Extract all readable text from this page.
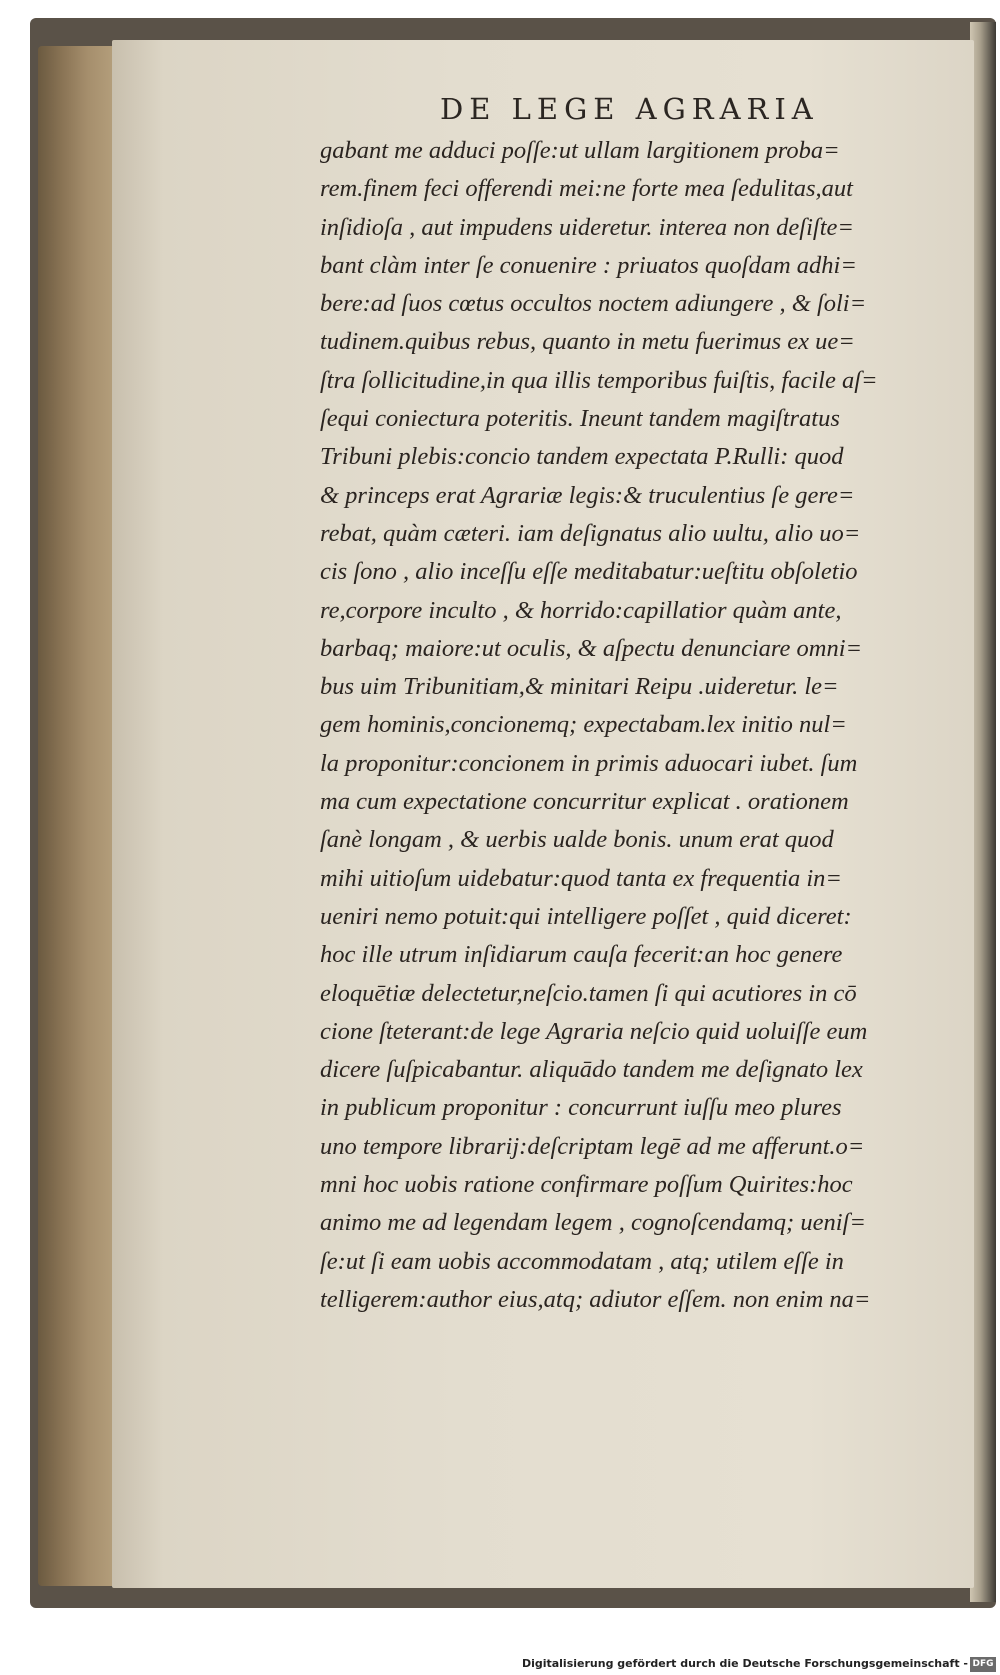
DE LEGE AGRARIA
gabant me adduci poſſe:ut ullam largitionem proba=
rem.finem feci offerendi mei:ne forte mea ſedulitas,aut
inſidioſa , aut impudens uideretur. interea non deſiſte=
bant clàm inter ſe conuenire : priuatos quoſdam adhi=
bere:ad ſuos cœtus occultos noctem adiungere , & ſoli=
tudinem.quibus rebus, quanto in metu fuerimus ex ue=
ſtra ſollicitudine,in qua illis temporibus fuiſtis, facile aſ=
ſequi coniectura poteritis. Ineunt tandem magiſtratus
Tribuni plebis:concio tandem expectata P.Rulli: quod
& princeps erat Agrariæ legis:& truculentius ſe gere=
rebat, quàm cæteri. iam deſignatus alio uultu, alio uo=
cis ſono , alio inceſſu eſſe meditabatur:ueſtitu obſoletio
re,corpore inculto , & horrido:capillatior quàm ante,
barbaq; maiore:ut oculis, & aſpectu denunciare omni=
bus uim Tribunitiam,& minitari Reipu .uideretur. le=
gem hominis,concionemq; expectabam.lex initio nul=
la proponitur:concionem in primis aduocari iubet. ſum
ma cum expectatione concurritur explicat . orationem
ſanè longam , & uerbis ualde bonis. unum erat quod
mihi uitioſum uidebatur:quod tanta ex frequentia in=
ueniri nemo potuit:qui intelligere poſſet , quid diceret:
hoc ille utrum inſidiarum cauſa fecerit:an hoc genere
eloquētiæ delectetur,neſcio.tamen ſi qui acutiores in cō
cione ſteterant:de lege Agraria neſcio quid uoluiſſe eum
dicere ſuſpicabantur. aliquādo tandem me deſignato lex
in publicum proponitur : concurrunt iuſſu meo plures
uno tempore librarij:deſcriptam legē ad me afferunt.o=
mni hoc uobis ratione confirmare poſſum Quirites:hoc
animo me ad legendam legem , cognoſcendamq; ueniſ=
ſe:ut ſi eam uobis accommodatam , atq; utilem eſſe in
telligerem:author eius,atq; adiutor eſſem. non enim na=
Digitalisierung gefördert durch die Deutsche Forschungsgemeinschaft - DFG
